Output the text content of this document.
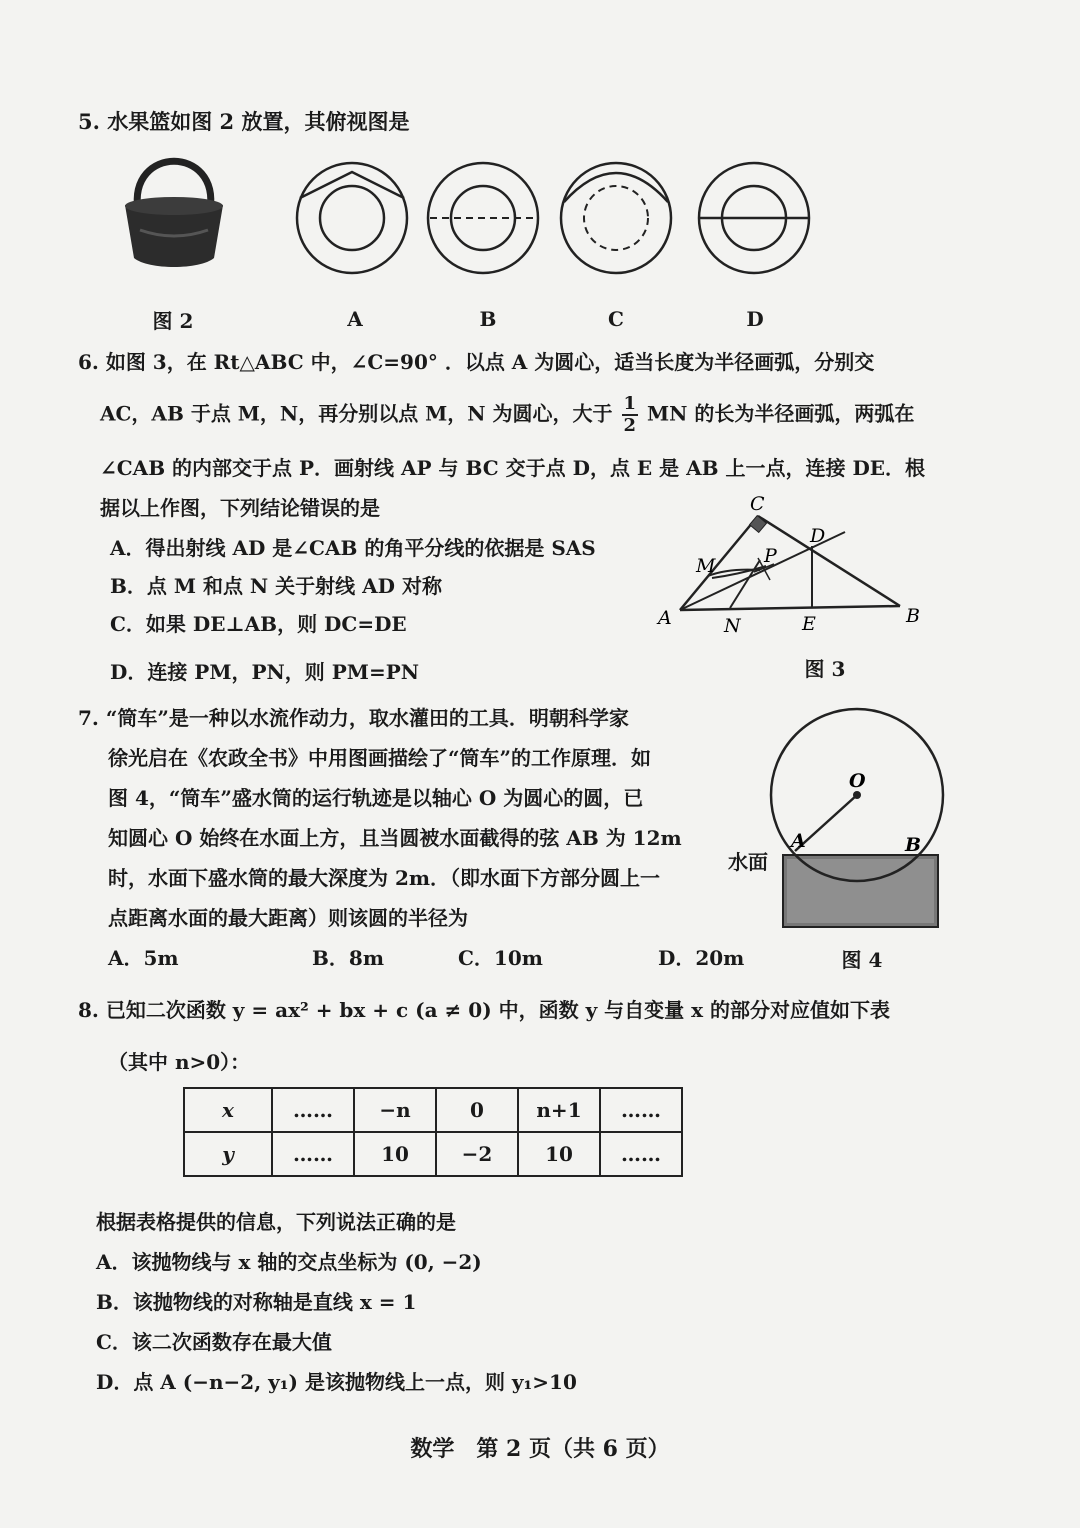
5. 水果篮如图 2 放置，其俯视图是
图 2	A	B	C	D
6. 如图 3，在 Rt△ABC 中，∠C=90° ．以点 A 为圆心，适当长度为半径画弧，分别交
AC，AB 于点 M，N，再分别以点 M，N 为圆心，大于 $\frac{1}{2}$ MN 的长为半径画弧，两弧在
∠CAB 的内部交于点 P．画射线 AP 与 BC 交于点 D，点 E 是 AB 上一点，连接 DE．根
据以上作图，下列结论错误的是
A．得出射线 AD 是∠CAB 的角平分线的依据是 SAS
B．点 M 和点 N 关于射线 AD 对称
C．如果 DE⊥AB，则 DC=DE
D．连接 PM，PN，则 PM=PN
C
D
M	P
A	N	E	B
图 3
7. “筒车”是一种以水流作动力，取水灌田的工具．明朝科学家
徐光启在《农政全书》中用图画描绘了“筒车”的工作原理．如
图 4，“筒车”盛水筒的运行轨迹是以轴心 O 为圆心的圆，已
知圆心 O 始终在水面上方，且当圆被水面截得的弦 AB 为 12m
时，水面下盛水筒的最大深度为 2m．（即水面下方部分圆上一
点距离水面的最大距离）则该圆的半径为
A．5m	B．8m	C．10m	D．20m
O
A	B
水面
图 4
8. 已知二次函数 y = ax² + bx + c (a ≠ 0) 中，函数 y 与自变量 x 的部分对应值如下表
（其中 n>0）：
x	……	−n	0	n+1	……
y	……	10	−2	10	……
根据表格提供的信息，下列说法正确的是
A．该抛物线与 x 轴的交点坐标为 (0, −2)
B．该抛物线的对称轴是直线 x = 1
C．该二次函数存在最大值
D．点 A (−n−2, y₁) 是该抛物线上一点，则 y₁>10
数学　第 2 页（共 6 页）
